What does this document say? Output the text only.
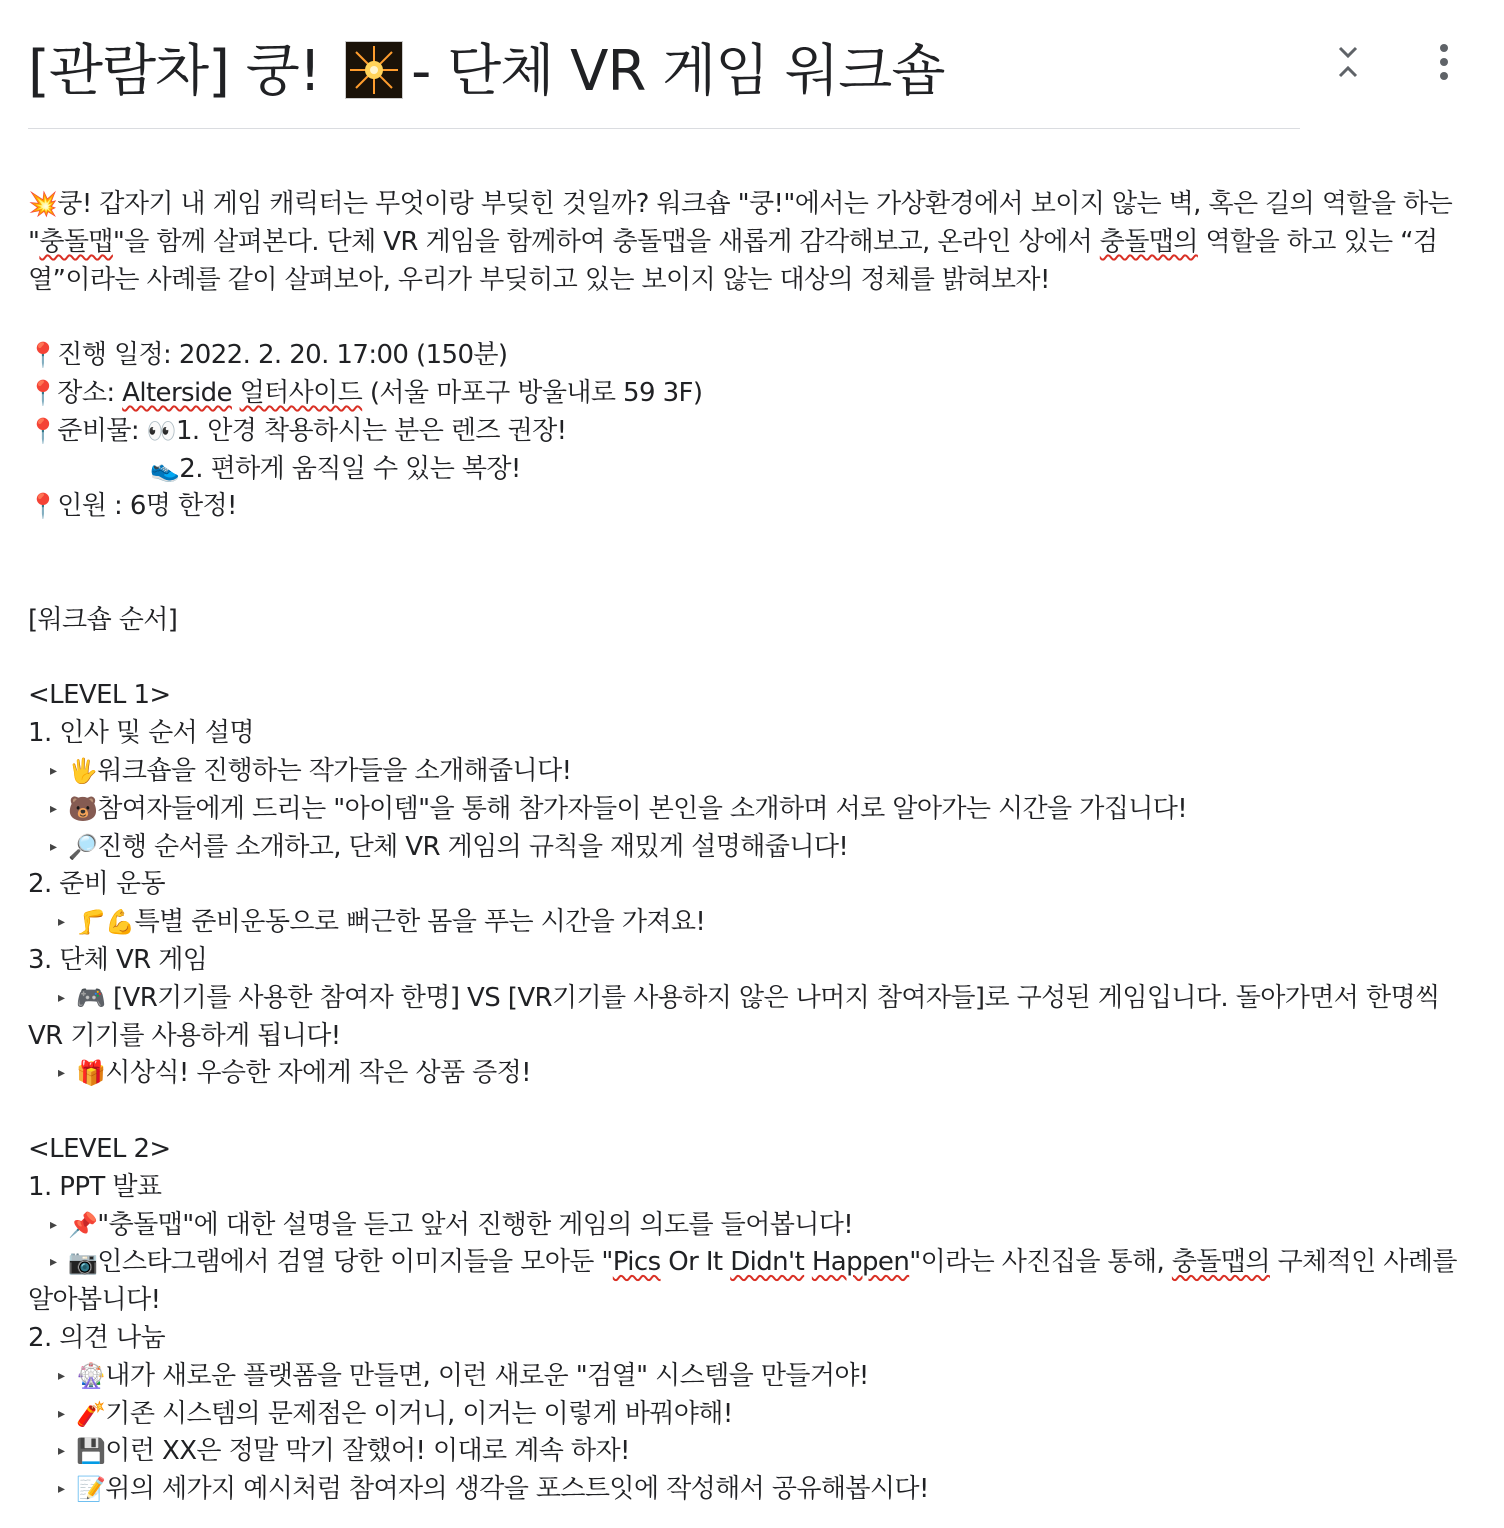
[관람차] 쿵! - 단체 VR 게임 워크숍
💥쿵! 갑자기 내 게임 캐릭터는 무엇이랑 부딪힌 것일까? 워크숍 "쿵!"에서는 가상환경에서 보이지 않는 벽, 혹은 길의 역할을 하는 "충돌맵"을 함께 살펴본다. 단체 VR 게임을 함께하여 충돌맵을 새롭게 감각해보고, 온라인 상에서 충돌맵의 역할을 하고 있는 “검열”이라는 사례를 같이 살펴보아, 우리가 부딪히고 있는 보이지 않는 대상의 정체를 밝혀보자!
📍진행 일정: 2022. 2. 20. 17:00 (150분)
📍장소: Alterside 얼터사이드 (서울 마포구 방울내로 59 3F)
📍준비물: 👀1. 안경 착용하시는 분은 렌즈 권장!
👟2. 편하게 움직일 수 있는 복장!
📍인원 : 6명 한정!
[워크숍 순서]
<LEVEL 1>
1. 인사 및 순서 설명
▸ 🖐워크숍을 진행하는 작가들을 소개해줍니다!
▸ 🐻참여자들에게 드리는 "아이템"을 통해 참가자들이 본인을 소개하며 서로 알아가는 시간을 가집니다!
▸ 🔎진행 순서를 소개하고, 단체 VR 게임의 규칙을 재밌게 설명해줍니다!
2. 준비 운동
▸ 🦵💪특별 준비운동으로 뻐근한 몸을 푸는 시간을 가져요!
3. 단체 VR 게임
▸ 🎮 [VR기기를 사용한 참여자 한명] VS [VR기기를 사용하지 않은 나머지 참여자들]로 구성된 게임입니다. 돌아가면서 한명씩
VR 기기를 사용하게 됩니다!
▸ 🎁시상식! 우승한 자에게 작은 상품 증정!
<LEVEL 2>
1. PPT 발표
▸ 📌"충돌맵"에 대한 설명을 듣고 앞서 진행한 게임의 의도를 들어봅니다!
▸ 📷인스타그램에서 검열 당한 이미지들을 모아둔 "Pics Or It Didn't Happen"이라는 사진집을 통해, 충돌맵의 구체적인 사례를
알아봅니다!
2. 의견 나눔
▸ 🎡내가 새로운 플랫폼을 만들면, 이런 새로운 "검열" 시스템을 만들거야!
▸ 🧨기존 시스템의 문제점은 이거니, 이거는 이렇게 바꿔야해!
▸ 💾이런 XX은 정말 막기 잘했어! 이대로 계속 하자!
▸ 📝위의 세가지 예시처럼 참여자의 생각을 포스트잇에 작성해서 공유해봅시다!
